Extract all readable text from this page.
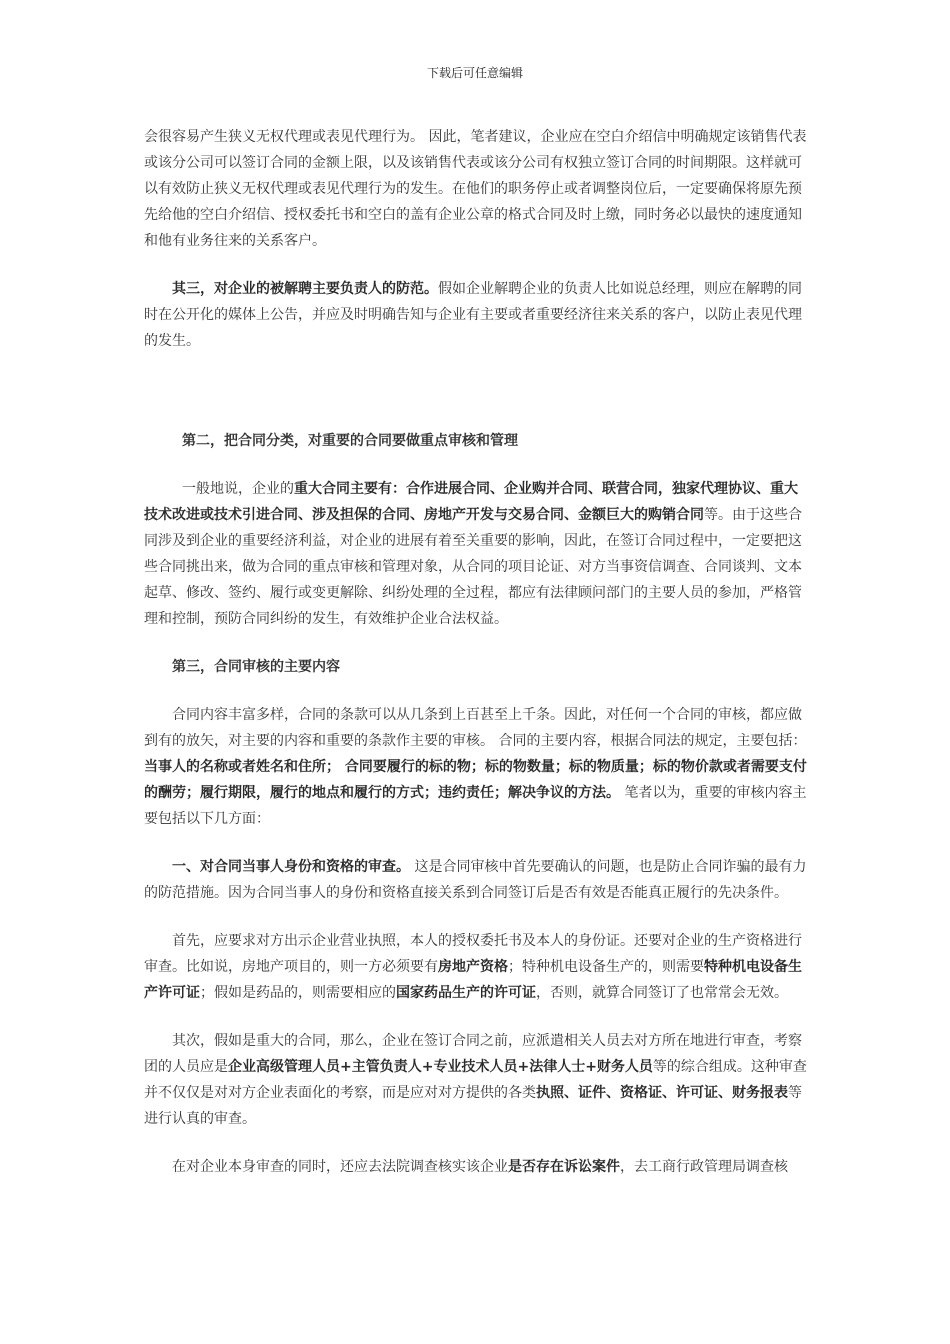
下载后可任意编辑

会很容易产生狭义无权代理或表见代理行为。 因此，笔者建议，企业应在空白介绍信中明确规定该销售代表或该分公司可以签订合同的金额上限，以及该销售代表或该分公司有权独立签订合同的时间期限。这样就可以有效防止狭义无权代理或表见代理行为的发生。在他们的职务停止或者调整岗位后，一定要确保将原先预先给他的空白介绍信、授权委托书和空白的盖有企业公章的格式合同及时上缴，同时务必以最快的速度通知和他有业务往来的关系客户。

其三，对企业的被解聘主要负责人的防范。假如企业解聘企业的负责人比如说总经理，则应在解聘的同时在公开化的媒体上公告，并应及时明确告知与企业有主要或者重要经济往来关系的客户，以防止表见代理的发生。

第二，把合同分类，对重要的合同要做重点审核和管理

一般地说，企业的重大合同主要有：合作进展合同、企业购并合同、联营合同，独家代理协议、重大技术改进或技术引进合同、涉及担保的合同、房地产开发与交易合同、金额巨大的购销合同等。由于这些合同涉及到企业的重要经济利益，对企业的进展有着至关重要的影响，因此，在签订合同过程中，一定要把这些合同挑出来，做为合同的重点审核和管理对象，从合同的项目论证、对方当事资信调查、合同谈判、文本起草、修改、签约、履行或变更解除、纠纷处理的全过程，都应有法律顾问部门的主要人员的参加，严格管理和控制，预防合同纠纷的发生，有效维护企业合法权益。

第三，合同审核的主要内容

合同内容丰富多样，合同的条款可以从几条到上百甚至上千条。因此，对任何一个合同的审核，都应做到有的放矢，对主要的内容和重要的条款作主要的审核。 合同的主要内容，根据合同法的规定，主要包括：当事人的名称或者姓名和住所； 合同要履行的标的物；标的物数量；标的物质量；标的物价款或者需要支付的酬劳；履行期限，履行的地点和履行的方式；违约责任；解决争议的方法。 笔者以为，重要的审核内容主要包括以下几方面：

一、对合同当事人身份和资格的审查。 这是合同审核中首先要确认的问题，也是防止合同诈骗的最有力的防范措施。因为合同当事人的身份和资格直接关系到合同签订后是否有效是否能真正履行的先决条件。

首先，应要求对方出示企业营业执照，本人的授权委托书及本人的身份证。还要对企业的生产资格进行审查。比如说，房地产项目的，则一方必须要有房地产资格；特种机电设备生产的，则需要特种机电设备生产许可证；假如是药品的，则需要相应的国家药品生产的许可证，否则，就算合同签订了也常常会无效。

其次，假如是重大的合同，那么，企业在签订合同之前，应派遣相关人员去对方所在地进行审查，考察团的人员应是企业高级管理人员+主管负责人+专业技术人员+法律人士+财务人员等的综合组成。这种审查并不仅仅是对对方企业表面化的考察，而是应对对方提供的各类执照、证件、资格证、许可证、财务报表等进行认真的审查。

在对企业本身审查的同时，还应去法院调查核实该企业是否存在诉讼案件，去工商行政管理局调查核
